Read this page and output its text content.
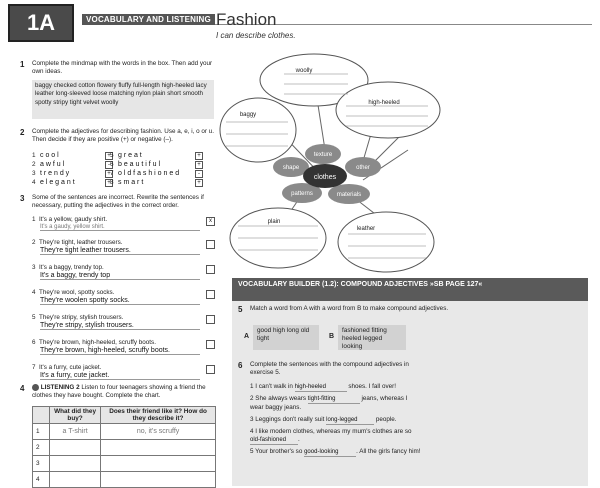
1A	VOCABULARY AND LISTENING Fashion
I can describe clothes.
1 Complete the mindmap with the words in the box. Then add your own ideas.
baggy checked cotton flowery fluffy full-length high-heeled lacy leather long-sleeved loose matching nylon plain short smooth spotty stripy tight velvet woolly
2 Complete the adjectives for describing fashion. Use a, e, i, o or u. Then decide if they are positive (+) or negative (–).
1 c o o l	+
2 a w f u l	-
3 t r e n d y	+
4 e l e g a n t	+
5 g r e a t	+
6 b e a u t i f u l	+
7 o l d f a s h i o n e d	-
8 s m a r t	+
3 Some of the sentences are incorrect. Rewrite the sentences if necessary, putting the adjectives in the correct order.
1 It's a yellow, gaudy shirt.
It's a gaudy, yellow shirt.
x
2 They're tight, leather trousers.
They're tight leather trousers.
3 It's a baggy, trendy top.
It's a baggy, trendy top
4 They're wool, spotty socks.
They're woolen spotty socks.
5 They're stripy, stylish trousers.
They're stripy, stylish trousers.
6 They're brown, high-heeled, scruffy boots.
They're brown, high-heeled, scruffy boots.
7 It's a furry, cute jacket.
It's a furry, cute jacket.
4	LISTENING 2 Listen to four teenagers showing a friend the clothes they have bought. Complete the chart.
	What did they buy?	Does their friend like it? How do they describe it?
1	a T-shirt	no, it's scruffy
2		
3		
4		
clothes
texture
shape	other
patterns	materials
woolly
high-heeled
baggy
plain
leather
VOCABULARY BUILDER (1.2): COMPOUND ADJECTIVES »SB PAGE 127«
5 Match a word from A with a word from B to make compound adjectives.
A
good high long old tight	B
fashioned fitting heeled legged looking
6 Complete the sentences with the compound adjectives in exercise 5.
1 I can't walk in high-heeled	shoes. I fall over!
2 She always wears tight-fitting	jeans, whereas I wear baggy jeans.
3 Leggings don't really suit long-legged	people.
4 I like modern clothes, whereas my mum's clothes are so old-fashioned .
5 Your brother's so good-looking	. All the girls fancy him!
